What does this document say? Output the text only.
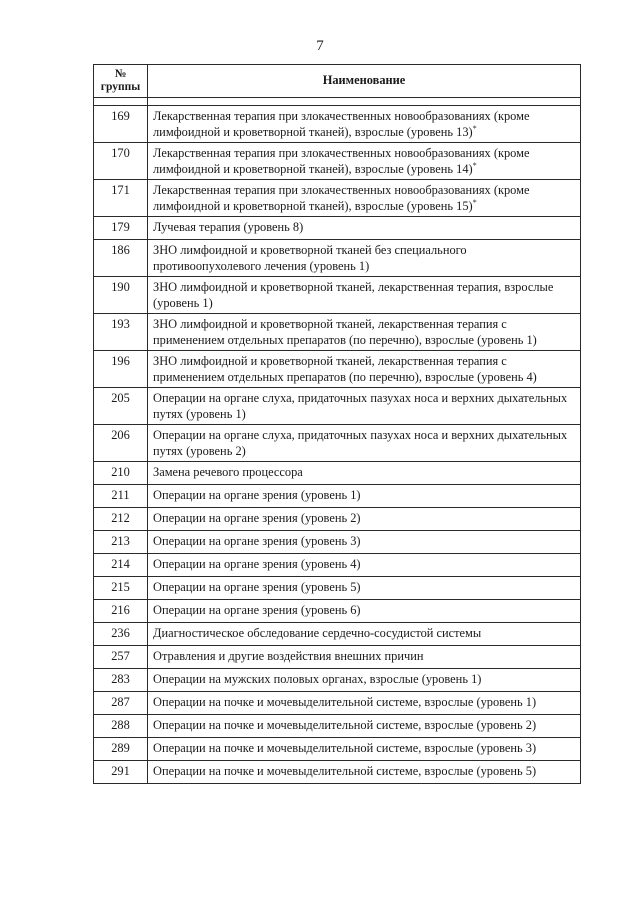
7
№ группы	Наименование

169	Лекарственная терапия при злокачественных новообразованиях (кроме лимфоидной и кроветворной тканей), взрослые (уровень 13)*
170	Лекарственная терапия при злокачественных новообразованиях (кроме лимфоидной и кроветворной тканей), взрослые (уровень 14)*
171	Лекарственная терапия при злокачественных новообразованиях (кроме лимфоидной и кроветворной тканей), взрослые (уровень 15)*
179	Лучевая терапия (уровень 8)
186	ЗНО лимфоидной и кроветворной тканей без специального противоопухолевого лечения (уровень 1)
190	ЗНО лимфоидной и кроветворной тканей, лекарственная терапия, взрослые (уровень 1)
193	ЗНО лимфоидной и кроветворной тканей, лекарственная терапия с применением отдельных препаратов (по перечню), взрослые (уровень 1)
196	ЗНО лимфоидной и кроветворной тканей, лекарственная терапия с применением отдельных препаратов (по перечню), взрослые (уровень 4)
205	Операции на органе слуха, придаточных пазухах носа и верхних дыхательных путях (уровень 1)
206	Операции на органе слуха, придаточных пазухах носа и верхних дыхательных путях (уровень 2)
210	Замена речевого процессора
211	Операции на органе зрения (уровень 1)
212	Операции на органе зрения (уровень 2)
213	Операции на органе зрения (уровень 3)
214	Операции на органе зрения (уровень 4)
215	Операции на органе зрения (уровень 5)
216	Операции на органе зрения (уровень 6)
236	Диагностическое обследование сердечно-сосудистой системы
257	Отравления и другие воздействия внешних причин
283	Операции на мужских половых органах, взрослые (уровень 1)
287	Операции на почке и мочевыделительной системе, взрослые (уровень 1)
288	Операции на почке и мочевыделительной системе, взрослые (уровень 2)
289	Операции на почке и мочевыделительной системе, взрослые (уровень 3)
291	Операции на почке и мочевыделительной системе, взрослые (уровень 5)
